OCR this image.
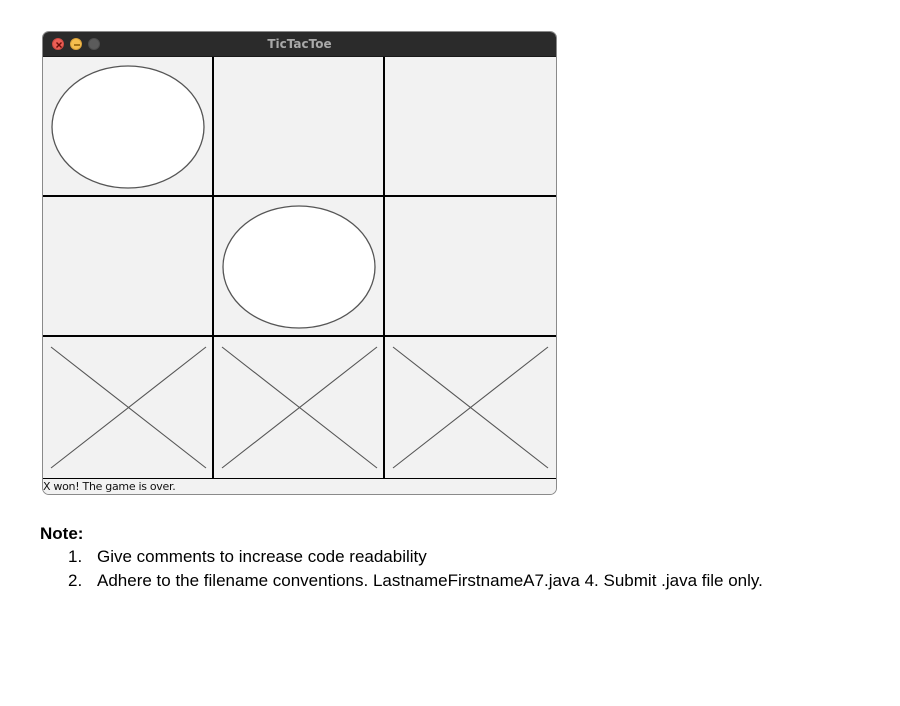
TicTacToe
X won! The game is over.
Note:
1. Give comments to increase code readability
2. Adhere to the filename conventions. LastnameFirstnameA7.java 4. Submit .java file only.
